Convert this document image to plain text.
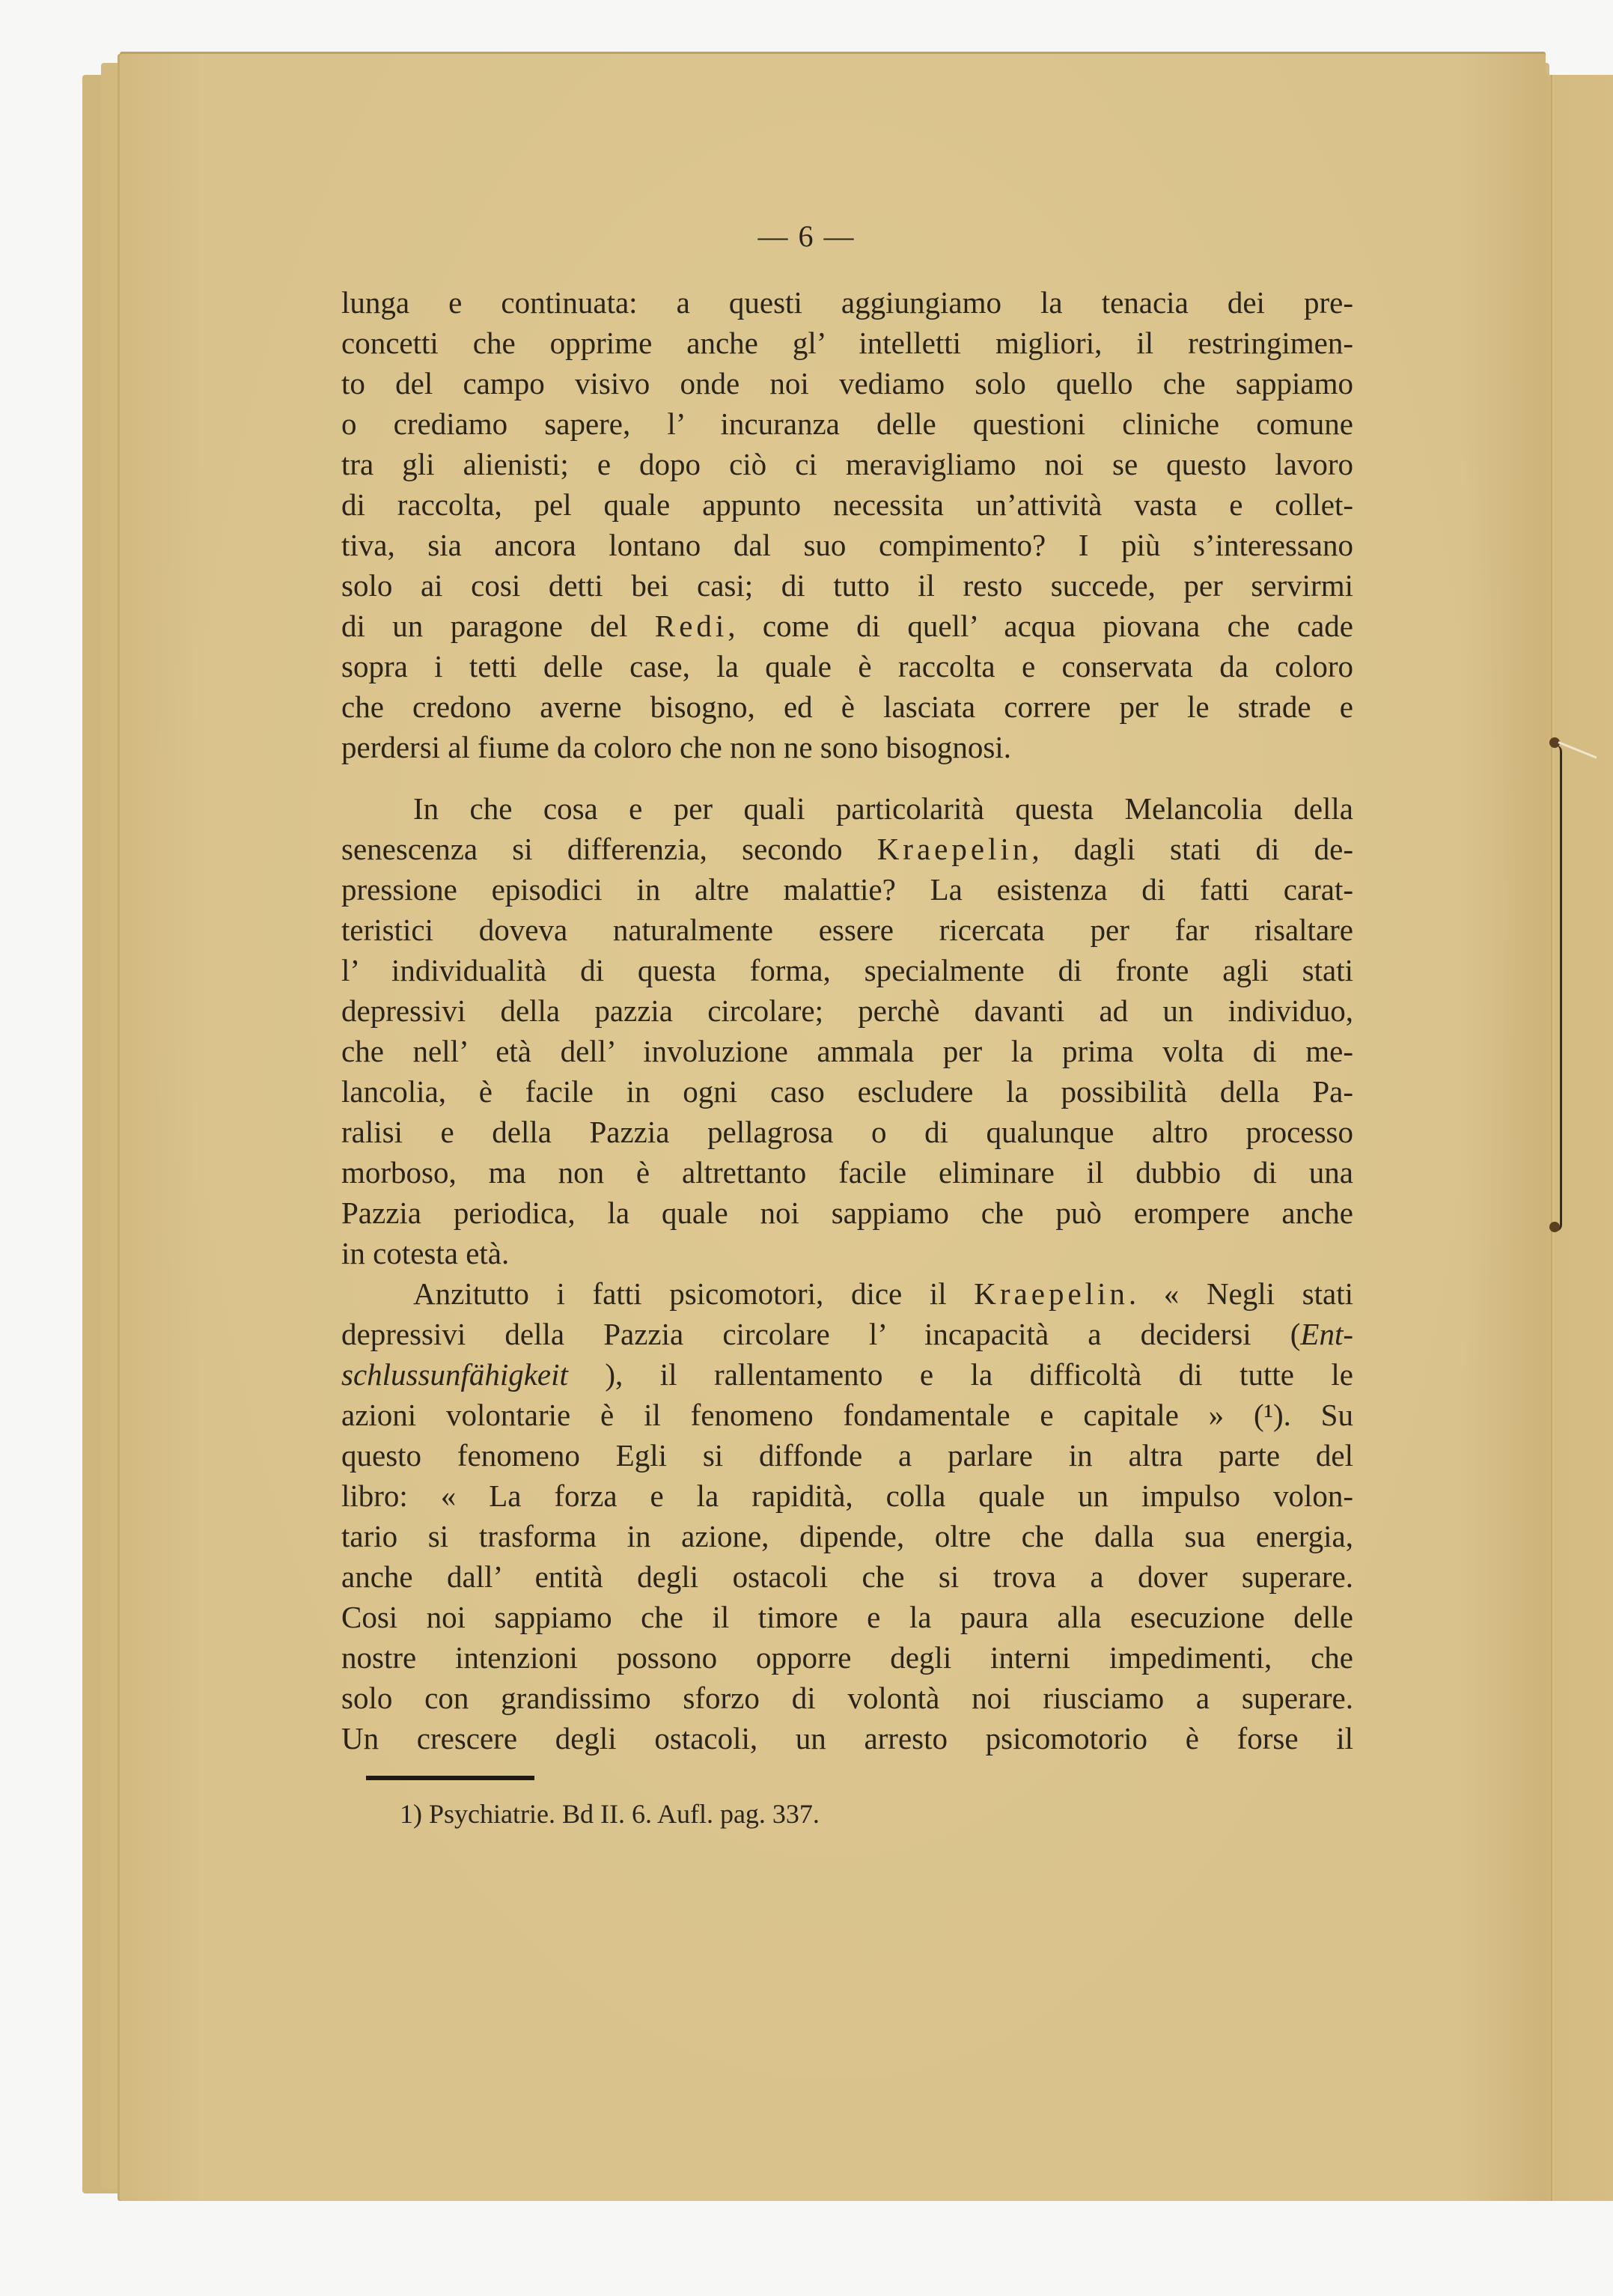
— 6 —
lunga e continuata: a questi aggiungiamo la tenacia dei pre-
concetti che opprime anche gl’ intelletti migliori, il restringimen-
to del campo visivo onde noi vediamo solo quello che sappiamo
o crediamo sapere, l’ incuranza delle questioni cliniche comune
tra gli alienisti; e dopo ciò ci meravigliamo noi se questo lavoro
di raccolta, pel quale appunto necessita un’attività vasta e collet-
tiva, sia ancora lontano dal suo compimento? I più s’interessano
solo ai cosi detti bei casi; di tutto il resto succede, per servirmi
di un paragone del Redi, come di quell’ acqua piovana che cade
sopra i tetti delle case, la quale è raccolta e conservata da coloro
che credono averne bisogno, ed è lasciata correre per le strade e
perdersi al fiume da coloro che non ne sono bisognosi.
In che cosa e per quali particolarità questa Melancolia della
senescenza si differenzia, secondo Kraepelin, dagli stati di de-
pressione episodici in altre malattie? La esistenza di fatti carat-
teristici doveva naturalmente essere ricercata per far risaltare
l’ individualità di questa forma, specialmente di fronte agli stati
depressivi della pazzia circolare; perchè davanti ad un individuo,
che nell’ età dell’ involuzione ammala per la prima volta di me-
lancolia, è facile in ogni caso escludere la possibilità della Pa-
ralisi e della Pazzia pellagrosa o di qualunque altro processo
morboso, ma non è altrettanto facile eliminare il dubbio di una
Pazzia periodica, la quale noi sappiamo che può erompere anche
in cotesta età.
Anzitutto i fatti psicomotori, dice il Kraepelin. « Negli stati
depressivi della Pazzia circolare l’ incapacità a decidersi (Ent-
schlussunfähigkeit ), il rallentamento e la difficoltà di tutte le
azioni volontarie è il fenomeno fondamentale e capitale » (¹). Su
questo fenomeno Egli si diffonde a parlare in altra parte del
libro: « La forza e la rapidità, colla quale un impulso volon-
tario si trasforma in azione, dipende, oltre che dalla sua energia,
anche dall’ entità degli ostacoli che si trova a dover superare.
Cosi noi sappiamo che il timore e la paura alla esecuzione delle
nostre intenzioni possono opporre degli interni impedimenti, che
solo con grandissimo sforzo di volontà noi riusciamo a superare.
Un crescere degli ostacoli, un arresto psicomotorio è forse il
1) Psychiatrie. Bd II. 6. Aufl. pag. 337.
